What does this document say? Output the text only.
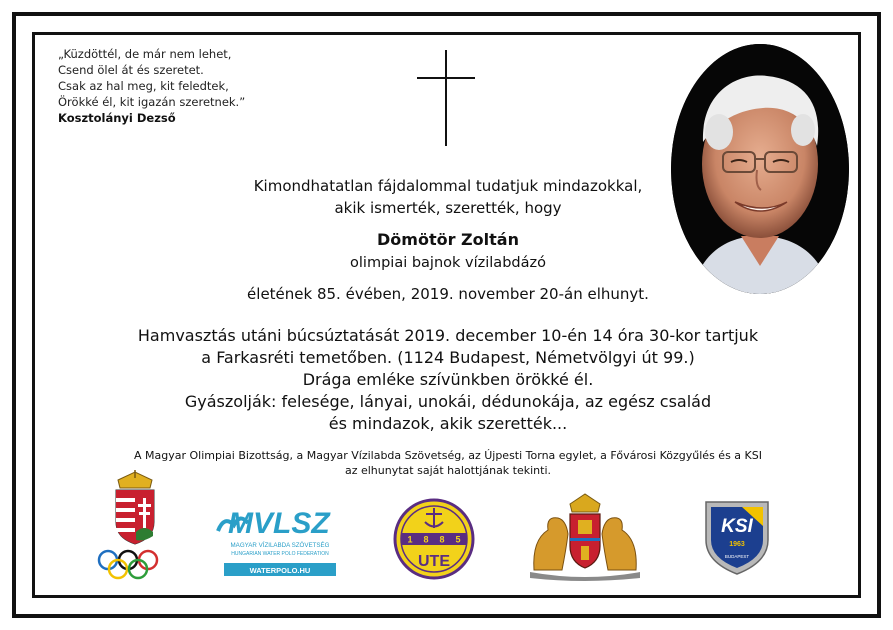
„Küzdöttél, de már nem lehet,
Csend ölel át és szeretet.
Csak az hal meg, kit feledtek,
Örökké él, kit igazán szeretnek.”
Kosztolányi Dezső
Kimondhatatlan fájdalommal tudatjuk mindazokkal,
akik ismerték, szerették, hogy
Dömötör Zoltán
olimpiai bajnok vízilabdázó
életének 85. évében, 2019. november 20-án elhunyt.
Hamvasztás utáni búcsúztatását 2019. december 10-én 14 óra 30-kor tartjuk
a Farkasréti temetőben. (1124 Budapest, Németvölgyi út 99.)
Drága emléke szívünkben örökké él.
Gyászolják: felesége, lányai, unokái, dédunokája, az egész család
és mindazok, akik szerették...
A Magyar Olimpiai Bizottság, a Magyar Vízilabda Szövetség, az Újpesti Torna egylet, a Fővárosi Közgyűlés és a KSI
az elhunytat saját halottjának tekinti.
MVLSZ
MAGYAR VÍZILABDA SZÖVETSÉG
HUNGARIAN WATER POLO FEDERATION
WATERPOLO.HU
1 8 8 5
UTE
KSI
1963
BUDAPEST
